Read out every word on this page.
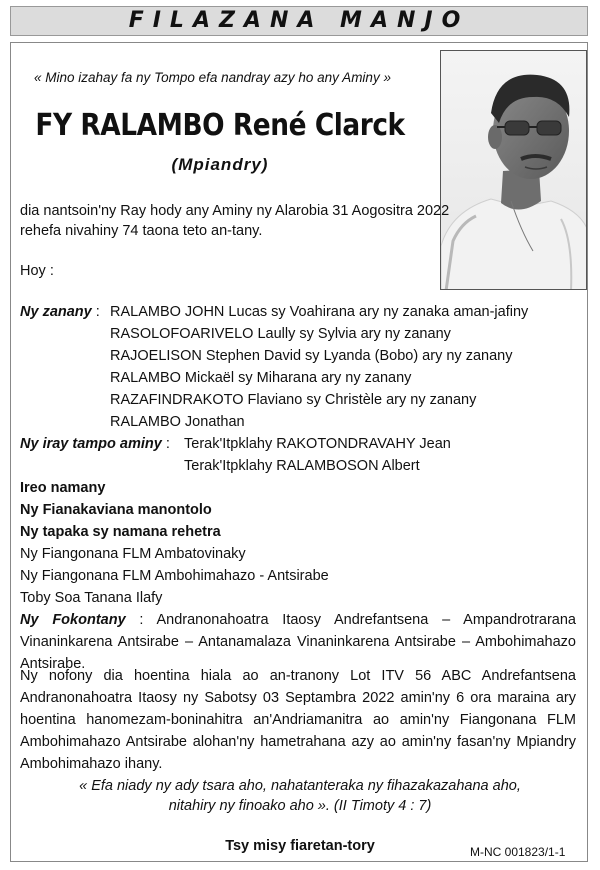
FILAZANA MANJO
« Mino izahay fa ny Tompo efa nandray azy ho any Aminy »
FY RALAMBO René Clarck
(Mpiandry)
dia nantsoin'ny Ray hody any Aminy ny Alarobia 31 Aogositra 2022
rehefa nivahiny 74 taona teto an-tany.
Hoy :
Ny zanany : RALAMBO JOHN Lucas sy Voahirana ary ny zanaka aman-jafiny
RASOLOFOARIVELO Laully sy Sylvia ary ny zanany
RAJOELISON Stephen David sy Lyanda (Bobo) ary ny zanany
RALAMBO Mickaël sy Miharana ary ny zanany
RAZAFINDRAKOTO Flaviano sy Christèle ary ny zanany
RALAMBO Jonathan
Ny iray tampo aminy : Terak'Itpklahy RAKOTONDRAVAHY Jean
Terak'Itpklahy RALAMBOSON Albert
Ireo namany
Ny Fianakaviana manontolo
Ny tapaka sy namana rehetra
Ny Fiangonana FLM Ambatovinaky
Ny Fiangonana FLM Ambohimahazo - Antsirabe
Toby Soa Tanana Ilafy
Ny Fokontany : Andranonahoatra Itaosy Andrefantsena – Ampandrotrarana Vinaninkarena Antsirabe – Antanamalaza Vinaninkarena Antsirabe – Ambohimahazo Antsirabe.
Ny nofony dia hoentina hiala ao an-tranony Lot ITV 56 ABC Andrefantsena Andranonahoatra Itaosy ny Sabotsy 03 Septambra 2022 amin'ny 6 ora maraina ary hoentina hanomezam-boninahitra an'Andriamanitra ao amin'ny Fiangonana FLM Ambohimahazo Antsirabe alohan'ny hametrahana azy ao amin'ny fasan'ny Mpiandry Ambohimahazo ihany.
« Efa niady ny ady tsara aho, nahatanteraka ny fihazakazahana aho,
nitahiry ny finoako aho ». (II Timoty 4 : 7)
Tsy misy fiaretan-tory	M-NC 001823/1-1
